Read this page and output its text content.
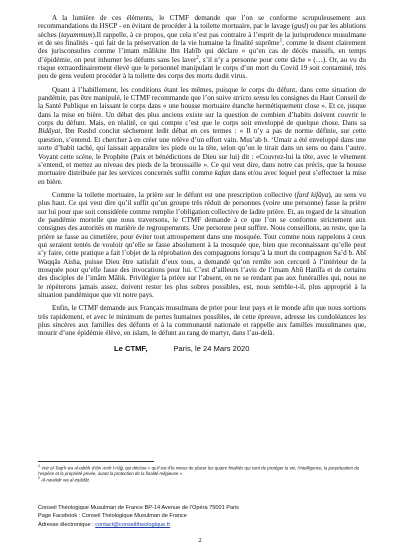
A la lumière de ces éléments, le CTMF demande que l’on se conforme scrupuleusement aux recommandations du HSCP - en évitant de procéder à la toilette mortuaire, par le lavage (gusl) ou par les ablutions sèches (tayammum).Il rappelle, à ce propos, que cela n’est pas contraire à l’esprit de la jurisprudence musulmane et de ses finalités - qui fait de la préservation de la vie humaine la finalité suprême$^1$, comme le disent clairement des jurisconsultes comme l’imam mâlikite Ibn Habîb qui déclare « qu’en cas de décès massifs, en temps d’épidémie, on peut inhumer les défunts sans les laver$^2$, s’il n’y a personne pour cette tâche » (…). Or, au vu du risque extraordinairement élevé que le personnel manipulant le corps d’un mort du Covid 19 soit contaminé, très peu de gens veulent procéder à la toilette des corps des morts dudit virus.

Quant à l’habillement, les conditions étant les mêmes, puisque le corps du défunt, dans cette situation de pandémie, pas être manipulé, le CTMF recommande que l’on suive stricto sensu les consignes du Haut Conseil de la Santé Publique en laissant le corps dans « une housse mortuaire étanche hermétiquement close ». Et ce, jusque dans la mise en bière. Un débat des plus anciens existe sur la question de combien d’habits doivent couvrir le corps du défunt. Mais, en réalité, ce qui compte c’est que le corps soit enveloppé de quelque chose. Dans sa Bidâyat, Ibn Rushd conclut sèchement ledit débat en ces termes : « Il n’y a pas de norme définie, sur cette question, s’entend. Et chercher à en créer une relève d’un effort vain. Mus’ab b. ‘Umair a été enveloppé dans une sorte d’habit taché, qui laissait apparaître les pieds ou la tête, selon qu’on le tirait dans un sens ou dans l’autre. Voyant cette scène, le Prophète (Paix et bénédictions de Dieu sur lui) dit : «Couvrez-lui la tête, avec le vêtement s’entend, et mettez au niveau des pieds de la broussaille ». Ce qui veut dire, dans notre cas précis, que la housse mortuaire distribuée par les services concernés suffit comme kafan dans et/ou avec lequel peut s’effectuer la mise en bière.

Comme la toilette mortuaire, la prière sur le défunt est une prescription collective (fard kifâya), au sens vu plus haut. Ce qui veut dire qu’il suffit qu’un groupe très réduit de personnes (voire une personne) fasse la prière sur lui pour que soit considérée comme remplie l’obligation collective de ladite prière. Et, au regard de la situation de pandémie mortelle que nous traversons, le CTMF demande à ce que l’on se conforme strictement aux consignes des autorités en matière de regroupements. Une personne peut suffire. Nous conseillons, au reste, que la prière se fasse au cimetière, pour éviter tout attroupement dans une mosquée. Tout comme nous rappelons à ceux qui seraient tentés de vouloir qu’elle se fasse absolument à la mosquée que, bien que reconnaissant qu’elle peut s’y faire, cette pratique a fait l’objet de la réprobation des compagnons lorsqu’à la mort du compagnon Sa’d b. Abî Waqqâs Aisha, puisse Dieu être satisfait d’eux tous, a demandé qu’on remîte son cercueil à l’intérieur de la mosquée pour qu’elle fasse des invocations pour lui. C’est d’ailleurs l’avis de l’imam Abû Hanîfa et de certains des disciples de l’imâm Mâlik. Privilégier la prière sur l’absent, en ne se rendant pas aux funérailles qui, nous ne le répèterons jamais assez, doivent rester les plus sobres possibles, est, nous semble-t-il, plus approprié à la situation pandémique que vit notre pays.

Enfin, le CTMF demande aux Français musulmans de prier pour leur pays et le monde afin que nous sortions très rapidement, et avec le minimum de pertes humaines possibles, de cette épreuve, adresse les condoléances les plus sincères aux familles des défunts et à la communauté nationale et rappelle aux familles musulmanes que, mourir d’une épidémie élève, en islam, le défunt au rang de martyr, dans l’au-delà.

Le CTMF,	Paris, le 24 Mars 2020

$^1$ Voir al-Taqrîr wa al-tahbîr d’Ibn Amîr l-Hâjj, qui déclare « qu’il est d’le mieux de placer les quatre finalités qui sont de protéger la vie, l’intelligence, la perpétuation de l’espèce et la propriété privée, avant la protection de la finalité religieuse ».

$^2$ Al-nawâdir wa al-ziyâdât.

Conseil Théologique Musulman de France BP-14 Avenue de l’Opéra 75001 Paris
Page Facebook : Conseil Théologique Musulman de France
Adresse électronique : contact@conseiltheologique.fr
2
